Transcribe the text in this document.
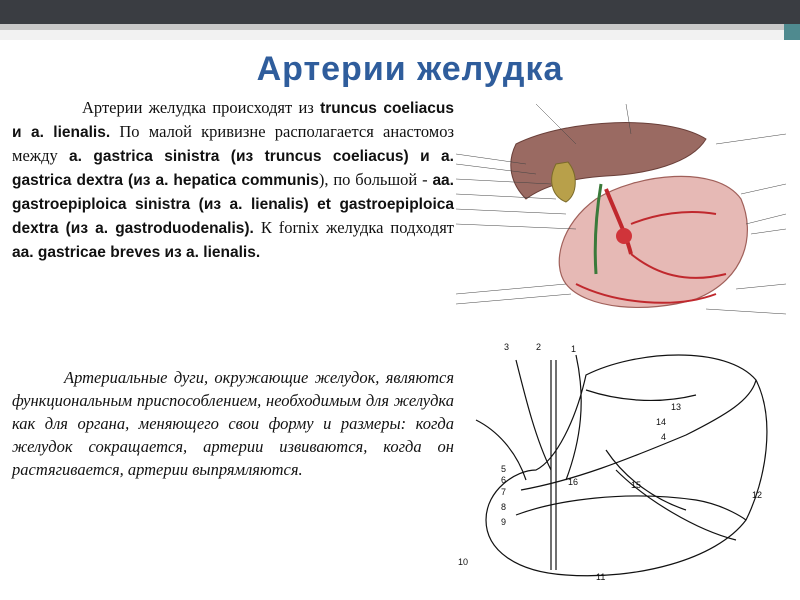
Артерии желудка
Артерии желудка происходят из truncus coeliacus и a. lienalis. По малой кривизне располагается анастомоз между a. gastrica sinistra (из truncus coeliacus) и a. gastrica dextra (из a. hepatica communis), по большой - aa. gastroepiploica sinistra (из a. lienalis) et gastroepiploica dextra (из a. gastroduodenalis). К fornix желудка подходят aa. gastricae breves из a. lienalis.
Артериальные дуги, окружающие желудок, являются функциональным приспособлением, необходимым для желудка как для органа, меняющего свои форму и размеры: когда желудок сокращается, артерии извиваются, когда он растягивается, артерии выпрямляются.
3	2	1
13
14
4
16	15
5
6
7
8
9
10
11
12
